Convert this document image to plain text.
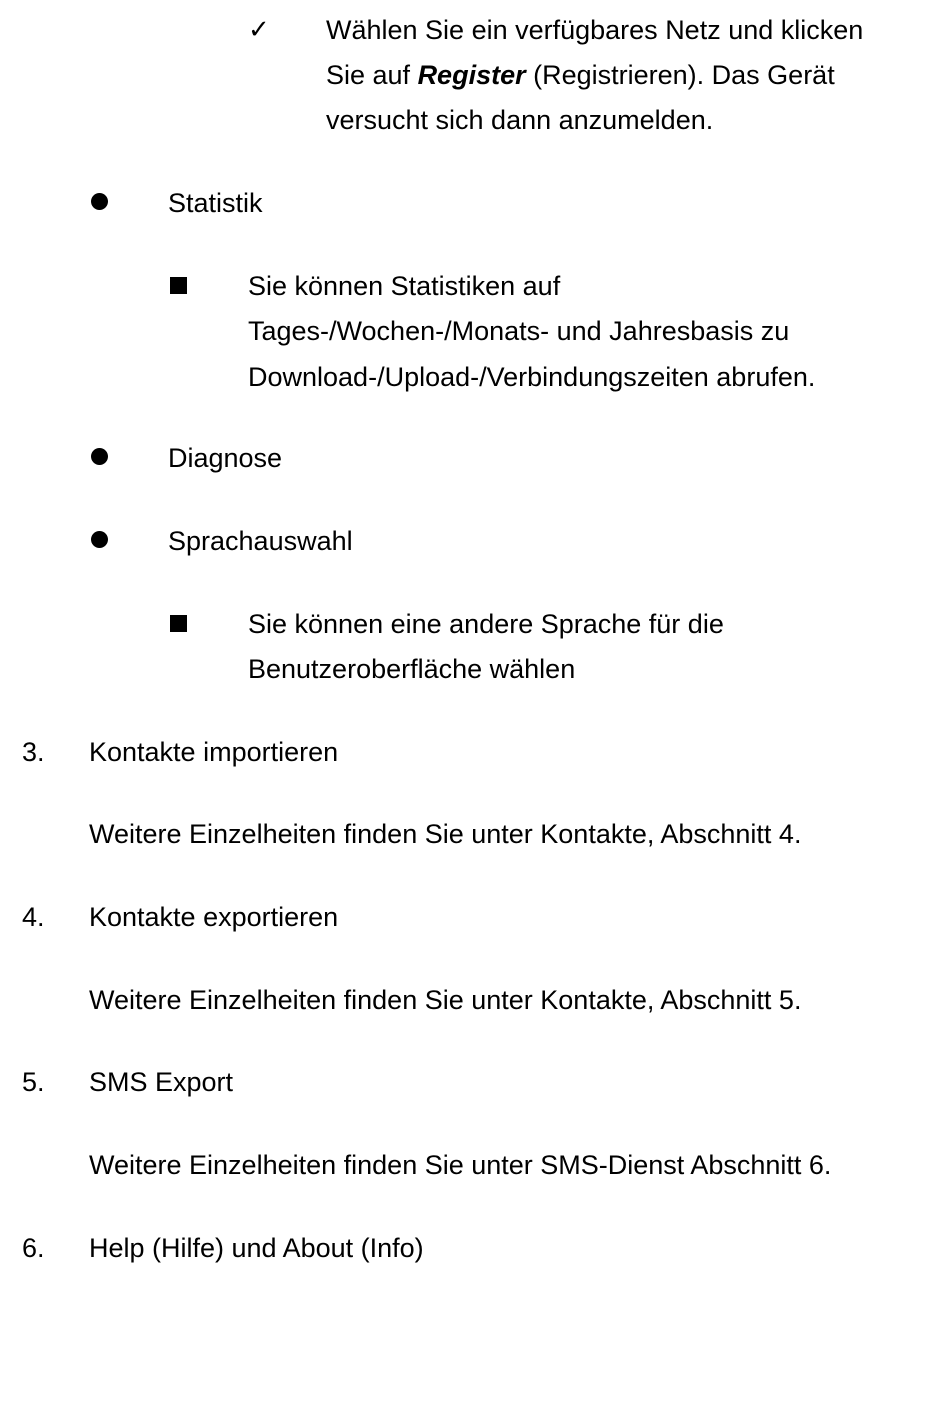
✓ Wählen Sie ein verfügbares Netz und klicken
Sie auf Register (Registrieren). Das Gerät
versucht sich dann anzumelden.
Statistik
Sie können Statistiken auf
Tages-/Wochen-/Monats- und Jahresbasis zu
Download-/Upload-/Verbindungszeiten abrufen.
Diagnose
Sprachauswahl
Sie können eine andere Sprache für die
Benutzeroberfläche wählen
3. Kontakte importieren
Weitere Einzelheiten finden Sie unter Kontakte, Abschnitt 4.
4. Kontakte exportieren
Weitere Einzelheiten finden Sie unter Kontakte, Abschnitt 5.
5. SMS Export
Weitere Einzelheiten finden Sie unter SMS-Dienst Abschnitt 6.
6. Help (Hilfe) und About (Info)
